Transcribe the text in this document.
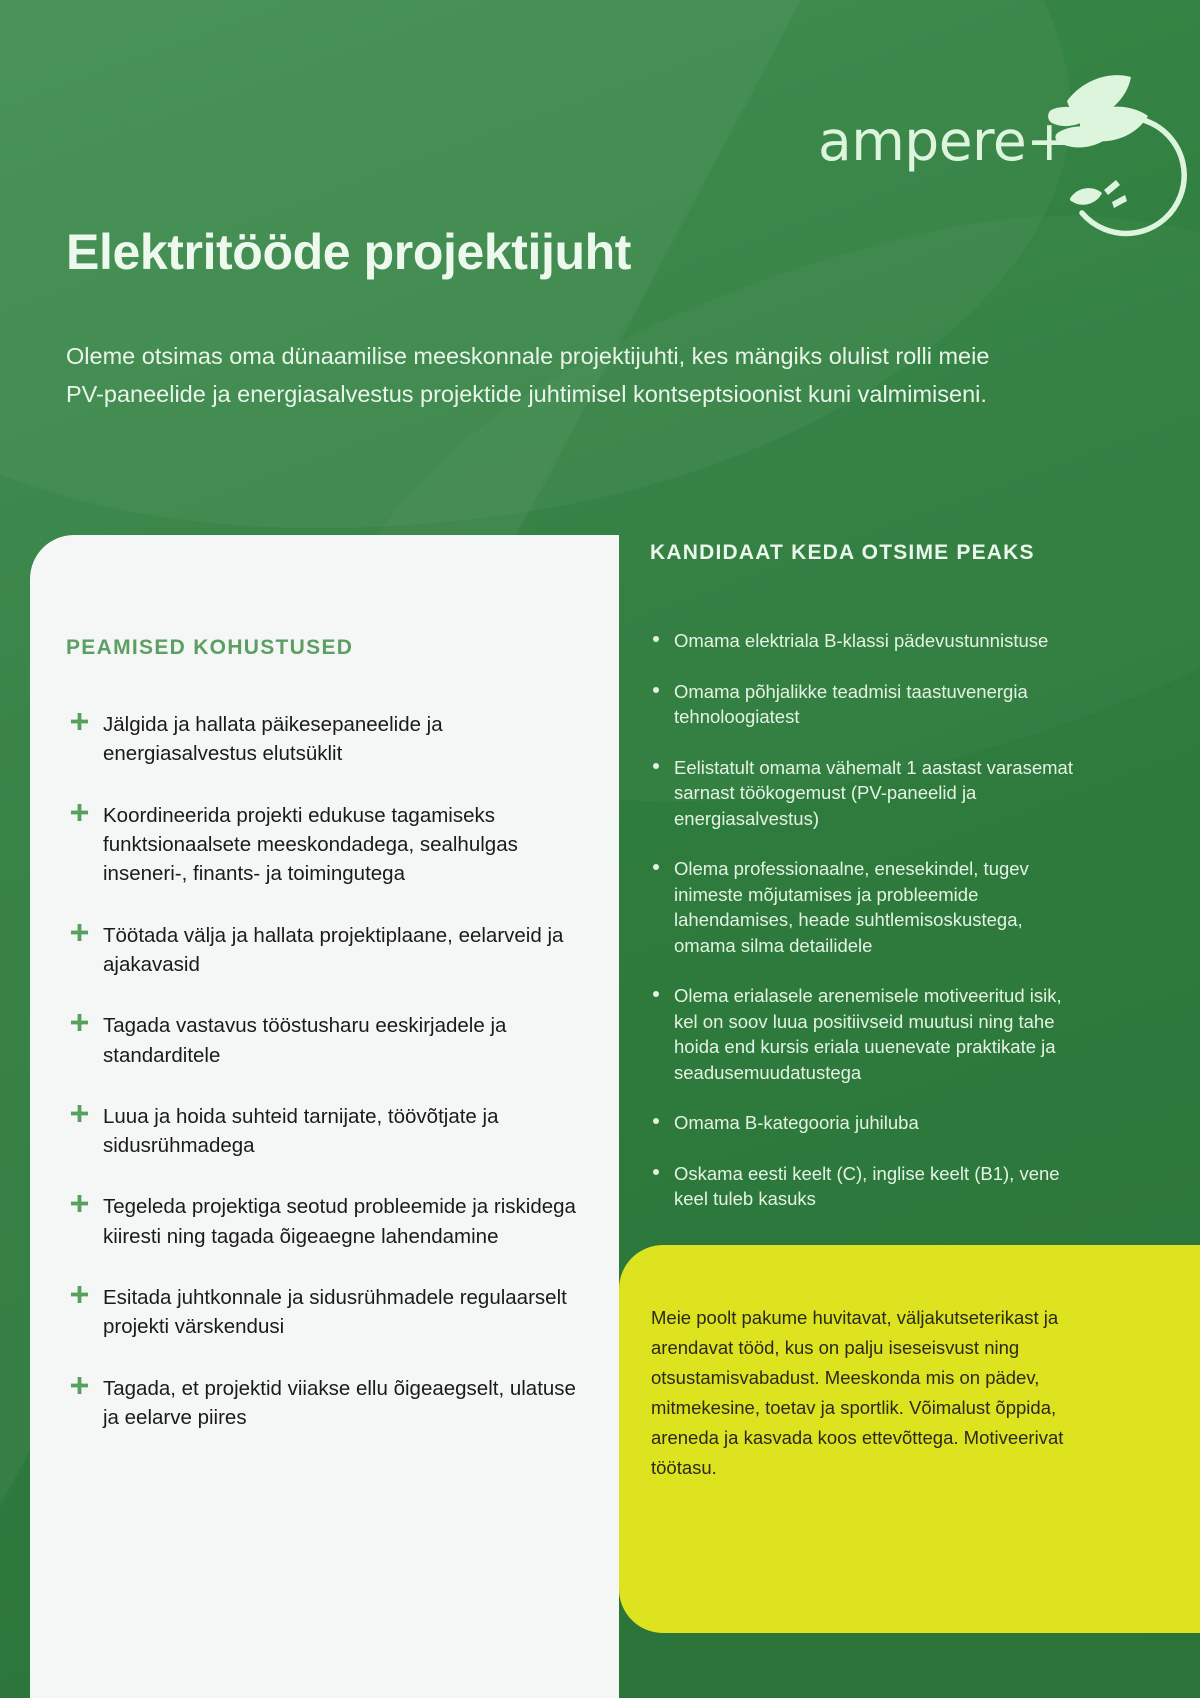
ampere+
Elektritööde projektijuht

Oleme otsimas oma dünaamilise meeskonnale projektijuhti, kes mängiks olulist rolli meie PV-paneelide ja energiasalvestus projektide juhtimisel kontseptsioonist kuni valmimiseni.

PEAMISED KOHUSTUSED
Jälgida ja hallata päikesepaneelide ja energiasalvestus elutsüklit
Koordineerida projekti edukuse tagamiseks funktsionaalsete meeskondadega, sealhulgas inseneri-, finants- ja toimingutega
Töötada välja ja hallata projektiplaane, eelarveid ja ajakavasid
Tagada vastavus tööstusharu eeskirjadele ja standarditele
Luua ja hoida suhteid tarnijate, töövõtjate ja sidusrühmadega
Tegeleda projektiga seotud probleemide ja riskidega kiiresti ning tagada õigeaegne lahendamine
Esitada juhtkonnale ja sidusrühmadele regulaarselt projekti värskendusi
Tagada, et projektid viiakse ellu õigeaegselt, ulatuse ja eelarve piires
KANDIDAAT KEDA OTSIME PEAKS
Omama elektriala B-klassi pädevustunnistuse
Omama põhjalikke teadmisi taastuvenergia tehnoloogiatest
Eelistatult omama vähemalt 1 aastast varasemat sarnast töökogemust (PV-paneelid ja energiasalvestus)
Olema professionaalne, enesekindel, tugev inimeste mõjutamises ja probleemide lahendamises, heade suhtlemisoskustega, omama silma detailidele
Olema erialasele arenemisele motiveeritud isik, kel on soov luua positiivseid muutusi ning tahe hoida end kursis eriala uuenevate praktikate ja seadusemuudatustega
Omama B-kategooria juhiluba
Oskama eesti keelt (C), inglise keelt (B1), vene keel tuleb kasuks

Meie poolt pakume huvitavat, väljakutseterikast ja arendavat tööd, kus on palju iseseisvust ning otsustamisvabadust. Meeskonda mis on pädev, mitmekesine, toetav ja sportlik. Võimalust õppida, areneda ja kasvada koos ettevõttega. Motiveerivat töötasu.
